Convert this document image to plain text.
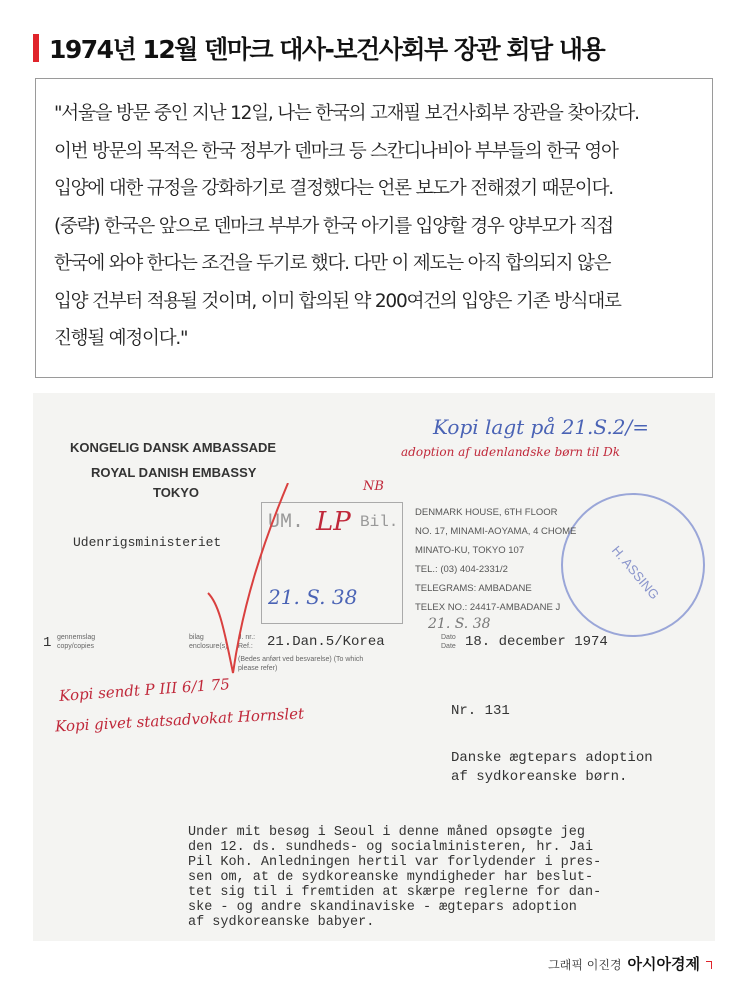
1974년 12월 덴마크 대사-보건사회부 장관 회담 내용
"서울을 방문 중인 지난 12일, 나는 한국의 고재필 보건사회부 장관을 찾아갔다.
이번 방문의 목적은 한국 정부가 덴마크 등 스칸디나비아 부부들의 한국 영아
입양에 대한 규정을 강화하기로 결정했다는 언론 보도가 전해졌기 때문이다.
(중략) 한국은 앞으로 덴마크 부부가 한국 아기를 입양할 경우 양부모가 직접
한국에 와야 한다는 조건을 두기로 했다. 다만 이 제도는 아직 합의되지 않은
입양 건부터 적용될 것이며, 이미 합의된 약 200여건의 입양은 기존 방식대로
진행될 예정이다."
UM. LP Bil.
21. S. 38
NB
H. ASSING
KONGELIG DANSK AMBASSADE
ROYAL DANISH EMBASSY
TOKYO
Udenrigsministeriet
DENMARK HOUSE, 6TH FLOOR
NO. 17, MINAMI-AOYAMA, 4 CHOME
MINATO-KU, TOKYO 107
TEL.: (03) 404-2331/2
TELEGRAMS: AMBADANE
TELEX NO.: 24417-AMBADANE J
21. S. 38
Kopi lagt på 21.S.2/=
adoption af udenlandske børn til Dk
1 gennemslag copy/copies
bilag enclosure(s)
J. nr.: Ref.:	21.Dan.5/Korea
(Bedes anført ved besvarelse) (To which please refer)
Dato Date 18. december 1974
Kopi sendt P III 6/1 75
Kopi givet statsadvokat Hornslet	Nr. 131
Danske ægtepars adoption
af sydkoreanske børn.
Under mit besøg i Seoul i denne måned opsøgte jeg
den 12. ds. sundheds- og socialministeren, hr. Jai
Pil Koh. Anledningen hertil var forlydender i pres-
sen om, at de sydkoreanske myndigheder har beslut-
tet sig til i fremtiden at skærpe reglerne for dan-
ske - og andre skandinaviske - ægtepars adoption
af sydkoreanske babyer.
그래픽 이진경 아시아경제
